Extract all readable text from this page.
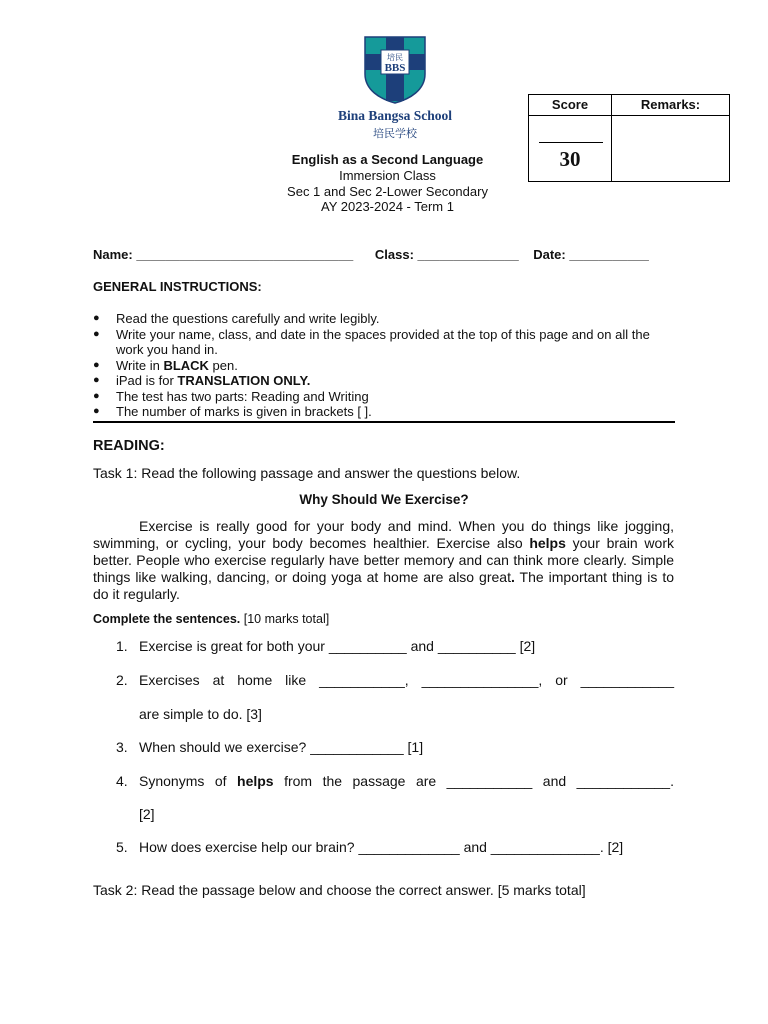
培民
BBS
Bina Bangsa School
培民学校
Score	Remarks:
30
English as a Second Language
Immersion Class
Sec 1 and Sec 2-Lower Secondary
AY 2023-2024 - Term 1
Name: ______________________________ Class: ______________ Date: ___________
GENERAL INSTRUCTIONS:
● Read the questions carefully and write legibly.
● Write your name, class, and date in the spaces provided at the top of this page and on all the work you hand in.
● Write in BLACK pen.
● iPad is for TRANSLATION ONLY.
● The test has two parts: Reading and Writing
● The number of marks is given in brackets [ ].
READING:
Task 1: Read the following passage and answer the questions below.
Why Should We Exercise?
Exercise is really good for your body and mind. When you do things like jogging, swimming, or cycling, your body becomes healthier. Exercise also helps your brain work better. People who exercise regularly have better memory and can think more clearly. Simple things like walking, dancing, or doing yoga at home are also great. The important thing is to do it regularly.
Complete the sentences. [10 marks total]
1. Exercise is great for both your __________ and __________ [2]
2. Exercises at home like ___________, _______________, or ____________
are simple to do. [3]
3. When should we exercise? ____________ [1]
4. Synonyms of helps from the passage are ___________ and ____________.
[2]
5. How does exercise help our brain? _____________ and ______________. [2]
Task 2: Read the passage below and choose the correct answer. [5 marks total]
